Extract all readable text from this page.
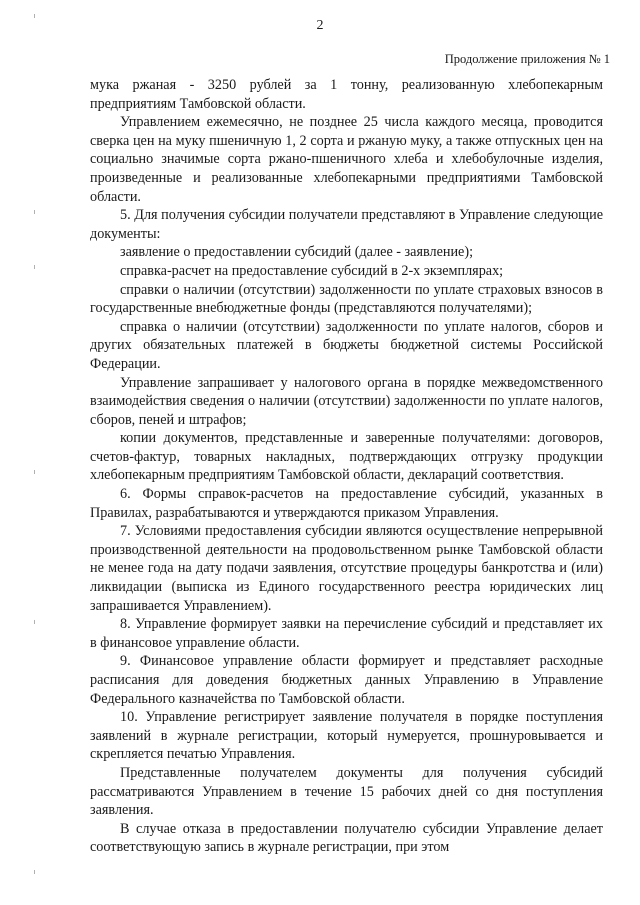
2
Продолжение приложения № 1

мука ржаная - 3250 рублей за 1 тонну, реализованную хлебопекарным предприятиям Тамбовской области.

Управлением ежемесячно, не позднее 25 числа каждого месяца, проводится сверка цен на муку пшеничную 1, 2 сорта и ржаную муку, а также отпускных цен на социально значимые сорта ржано-пшеничного хлеба и хлебобулочные изделия, произведенные и реализованные хлебопекарными предприятиями Тамбовской области.

5. Для получения субсидии получатели представляют в Управление следующие документы:

заявление о предоставлении субсидий (далее - заявление);

справка-расчет на предоставление субсидий в 2-х экземплярах;

справки о наличии (отсутствии) задолженности по уплате страховых взносов в государственные внебюджетные фонды (представляются получателями);

справка о наличии (отсутствии) задолженности по уплате налогов, сборов и других обязательных платежей в бюджеты бюджетной системы Российской Федерации.

Управление запрашивает у налогового органа в порядке межведомственного взаимодействия сведения о наличии (отсутствии) задолженности по уплате налогов, сборов, пеней и штрафов;

копии документов, представленные и заверенные получателями: договоров, счетов-фактур, товарных накладных, подтверждающих отгрузку продукции хлебопекарным предприятиям Тамбовской области, деклараций соответствия.

6. Формы справок-расчетов на предоставление субсидий, указанных в Правилах, разрабатываются и утверждаются приказом Управления.

7. Условиями предоставления субсидии являются осуществление непрерывной производственной деятельности на продовольственном рынке Тамбовской области не менее года на дату подачи заявления, отсутствие процедуры банкротства и (или) ликвидации (выписка из Единого государственного реестра юридических лиц запрашивается Управлением).

8. Управление формирует заявки на перечисление субсидий и представляет их в финансовое управление области.

9. Финансовое управление области формирует и представляет расходные расписания для доведения бюджетных данных Управлению в Управление Федерального казначейства по Тамбовской области.

10. Управление регистрирует заявление получателя в порядке поступления заявлений в журнале регистрации, который нумеруется, прошнуровывается и скрепляется печатью Управления.

Представленные получателем документы для получения субсидий рассматриваются Управлением в течение 15 рабочих дней со дня поступления заявления.

В случае отказа в предоставлении получателю субсидии Управление делает соответствующую запись в журнале регистрации, при этом
